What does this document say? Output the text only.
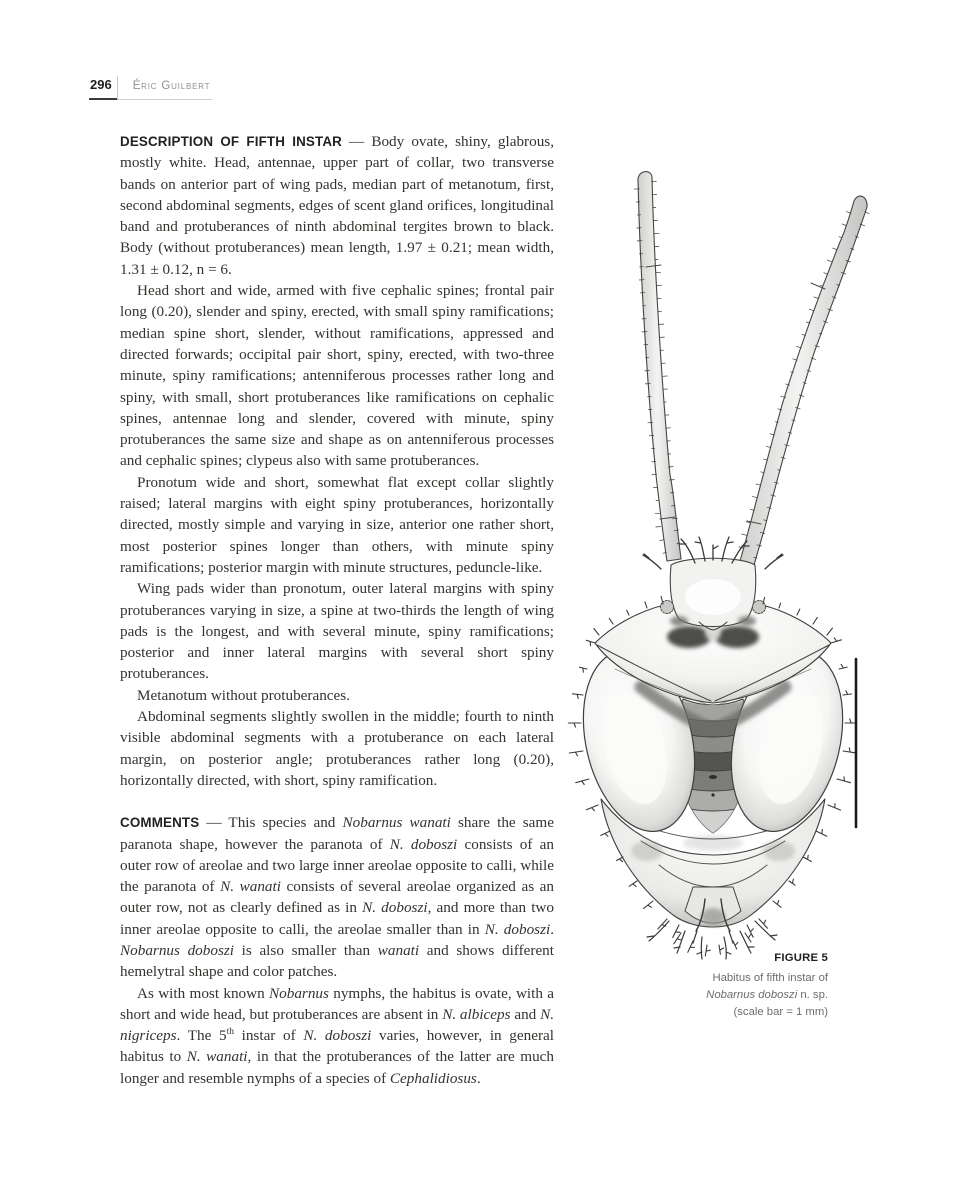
296	Éric Guilbert

DESCRIPTION OF FIFTH INSTAR — Body ovate, shiny, glabrous, mostly white. Head, antennae, upper part of collar, two transverse bands on anterior part of wing pads, median part of metanotum, first, second abdominal segments, edges of scent gland orifices, longitudinal band and protuberances of ninth abdominal tergites brown to black. Body (without protuberances) mean length, 1.97 ± 0.21; mean width, 1.31 ± 0.12, n = 6.

Head short and wide, armed with five cephalic spines; frontal pair long (0.20), slender and spiny, erected, with small spiny ramifications; median spine short, slender, without ramifications, appressed and directed forwards; occipital pair short, spiny, erected, with two-three minute, spiny ramifications; antenniferous processes rather long and spiny, with small, short protuberances like ramifications on cephalic spines, antennae long and slender, covered with minute, spiny protuberances the same size and shape as on antenniferous processes and cephalic spines; clypeus also with same protuberances.

Pronotum wide and short, somewhat flat except collar slightly raised; lateral margins with eight spiny protuberances, horizontally directed, mostly simple and varying in size, anterior one rather short, most posterior spines longer than others, with minute spiny ramifications; posterior margin with minute structures, peduncle-like.

Wing pads wider than pronotum, outer lateral margins with spiny protuberances varying in size, a spine at two-thirds the length of wing pads is the longest, and with several minute, spiny ramifications; posterior and inner lateral margins with several short spiny protuberances.

Metanotum without protuberances.

Abdominal segments slightly swollen in the middle; fourth to ninth visible abdominal segments with a protuberance on each lateral margin, on posterior angle; protuberances rather long (0.20), horizontally directed, with short, spiny ramification.

COMMENTS — This species and Nobarnus wanati share the same paranota shape, however the paranota of N. doboszi consists of an outer row of areolae and two large inner areolae opposite to calli, while the paranota of N. wanati consists of several areolae organized as an outer row, not as clearly defined as in N. doboszi, and more than two inner areolae opposite to calli, the areolae smaller than in N. doboszi. Nobarnus doboszi is also smaller than wanati and shows different hemelytral shape and color patches.

As with most known Nobarnus nymphs, the habitus is ovate, with a short and wide head, but protuberances are absent in N. albiceps and N. nigriceps. The 5th instar of N. doboszi varies, however, in general habitus to N. wanati, in that the protuberances of the latter are much longer and resemble nymphs of a species of Cephalidiosus.

FIGURE 5
Habitus of fifth instar of
Nobarnus doboszi n. sp.
(scale bar = 1 mm)
